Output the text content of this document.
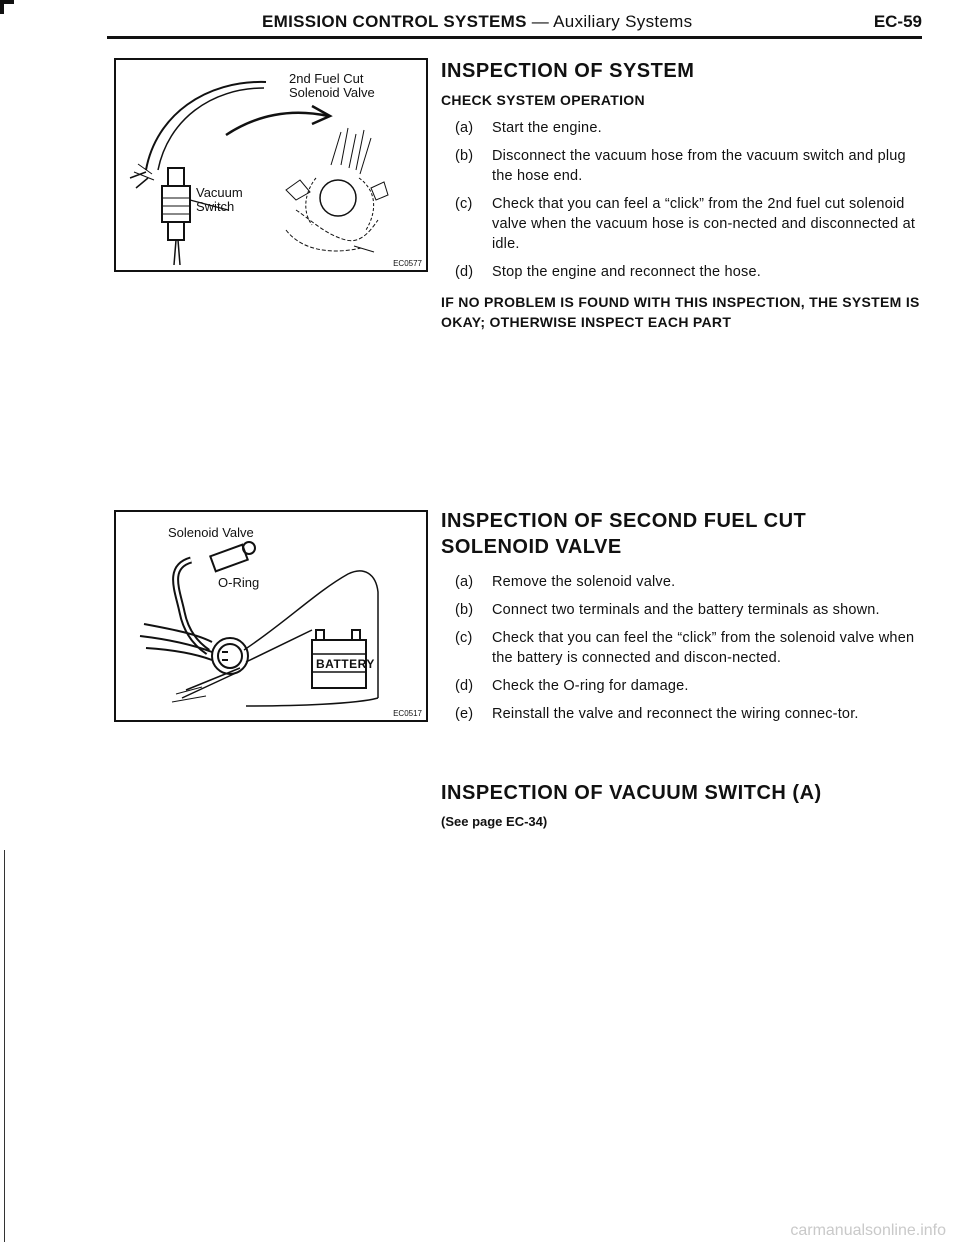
EMISSION CONTROL SYSTEMS — Auxiliary Systems	EC-59
2nd Fuel Cut
Solenoid Valve
Vacuum
Switch
EC0577
Solenoid Valve
O-Ring
BATTERY
EC0517
INSPECTION OF SYSTEM
CHECK SYSTEM OPERATION
(a) Start the engine.
(b) Disconnect the vacuum hose from the vacuum switch and plug the hose end.
(c) Check that you can feel a “click” from the 2nd fuel cut solenoid valve when the vacuum hose is con-nected and disconnected at idle.
(d) Stop the engine and reconnect the hose.
IF NO PROBLEM IS FOUND WITH THIS INSPECTION, THE SYSTEM IS OKAY; OTHERWISE INSPECT EACH PART
INSPECTION OF SECOND FUEL CUT
SOLENOID VALVE
(a) Remove the solenoid valve.
(b) Connect two terminals and the battery terminals as shown.
(c) Check that you can feel the “click” from the solenoid valve when the battery is connected and discon-nected.
(d) Check the O-ring for damage.
(e) Reinstall the valve and reconnect the wiring connec-tor.
INSPECTION OF VACUUM SWITCH (A)
(See page EC-34)
carmanualsonline.info
